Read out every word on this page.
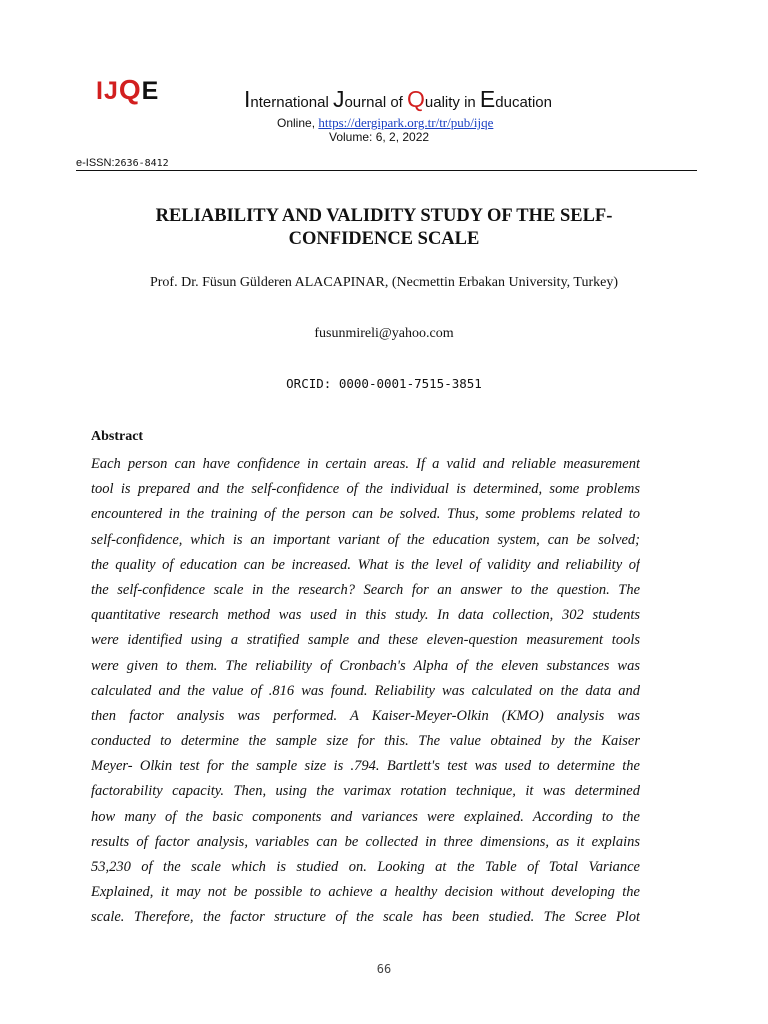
IJQE	International Journal of Quality in Education
Online, https://dergipark.org.tr/tr/pub/ijqe
Volume: 6, 2, 2022
e-ISSN:2636-8412
RELIABILITY AND VALIDITY STUDY OF THE SELF-
CONFIDENCE SCALE
Prof. Dr. Füsun Gülderen ALACAPINAR, (Necmettin Erbakan University, Turkey)
fusunmireli@yahoo.com
ORCID: 0000-0001-7515-3851
Abstract
Each person can have confidence in certain areas. If a valid and reliable measurement
tool is prepared and the self-confidence of the individual is determined, some problems
encountered in the training of the person can be solved. Thus, some problems related to
self-confidence, which is an important variant of the education system, can be solved;
the quality of education can be increased. What is the level of validity and reliability of
the self-confidence scale in the research? Search for an answer to the question. The
quantitative research method was used in this study. In data collection, 302 students
were identified using a stratified sample and these eleven-question measurement tools
were given to them. The reliability of Cronbach's Alpha of the eleven substances was
calculated and the value of .816 was found. Reliability was calculated on the data and
then factor analysis was performed. A Kaiser-Meyer-Olkin (KMO) analysis was
conducted to determine the sample size for this. The value obtained by the Kaiser
Meyer- Olkin test for the sample size is .794. Bartlett's test was used to determine the
factorability capacity. Then, using the varimax rotation technique, it was determined
how many of the basic components and variances were explained. According to the
results of factor analysis, variables can be collected in three dimensions, as it explains
53,230 of the scale which is studied on. Looking at the Table of Total Variance
Explained, it may not be possible to achieve a healthy decision without developing the
scale. Therefore, the factor structure of the scale has been studied. The Scree Plot
66
